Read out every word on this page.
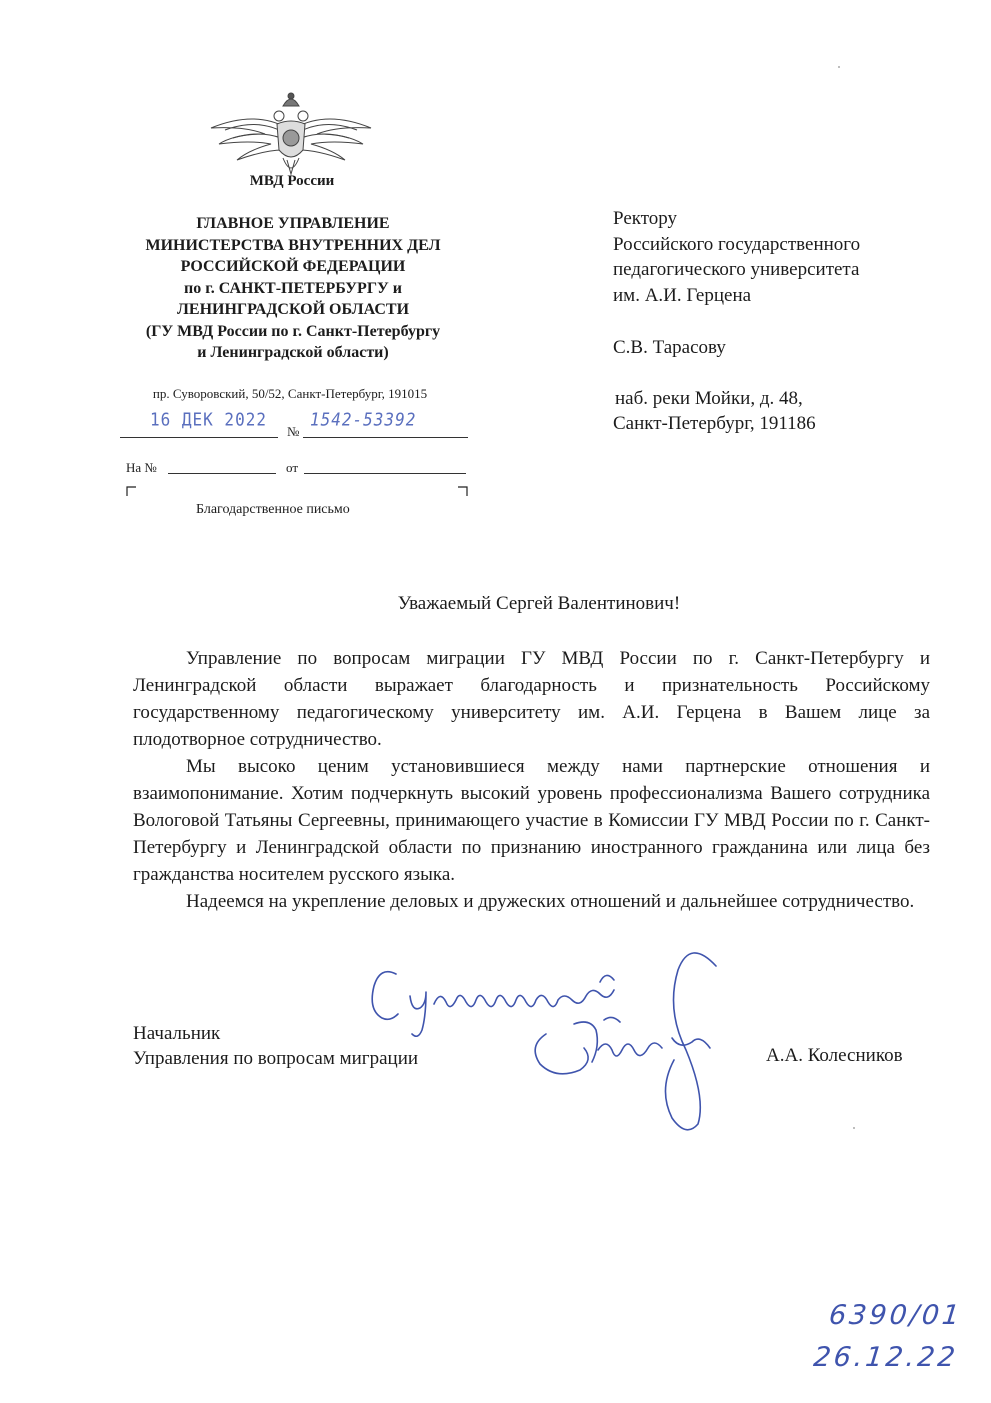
МВД России
ГЛАВНОЕ УПРАВЛЕНИЕ
МИНИСТЕРСТВА ВНУТРЕННИХ ДЕЛ
РОССИЙСКОЙ ФЕДЕРАЦИИ
по г. САНКТ-ПЕТЕРБУРГУ и
ЛЕНИНГРАДСКОЙ ОБЛАСТИ
(ГУ МВД России по г. Санкт-Петербургу
и Ленинградской области)
пр. Суворовский, 50/52, Санкт-Петербург, 191015
16 ДЕК 2022
№
1542-53392
На №	от
Благодарственное письмо
Ректору
Российского государственного
педагогического университета
им. А.И. Герцена
С.В. Тарасову
наб. реки Мойки, д. 48,
Санкт-Петербург, 191186
Уважаемый Сергей Валентинович!

Управление по вопросам миграции ГУ МВД России по г. Санкт-Петербургу и Ленинградской области выражает благодарность и признательность Российскому государственному педагогическому университету им. А.И. Герцена в Вашем лице за плодотворное сотрудничество.

Мы высоко ценим установившиеся между нами партнерские отношения и взаимопонимание. Хотим подчеркнуть высокий уровень профессионализма Вашего сотрудника Вологовой Татьяны Сергеевны, принимающего участие в Комиссии ГУ МВД России по г. Санкт-Петербургу и Ленинградской области по признанию иностранного гражданина или лица без гражданства носителем русского языка.

Надеемся на укрепление деловых и дружеских отношений и дальнейшее сотрудничество.

Начальник
Управления по вопросам миграции	А.А. Колесников
6390/01
26.12.22
